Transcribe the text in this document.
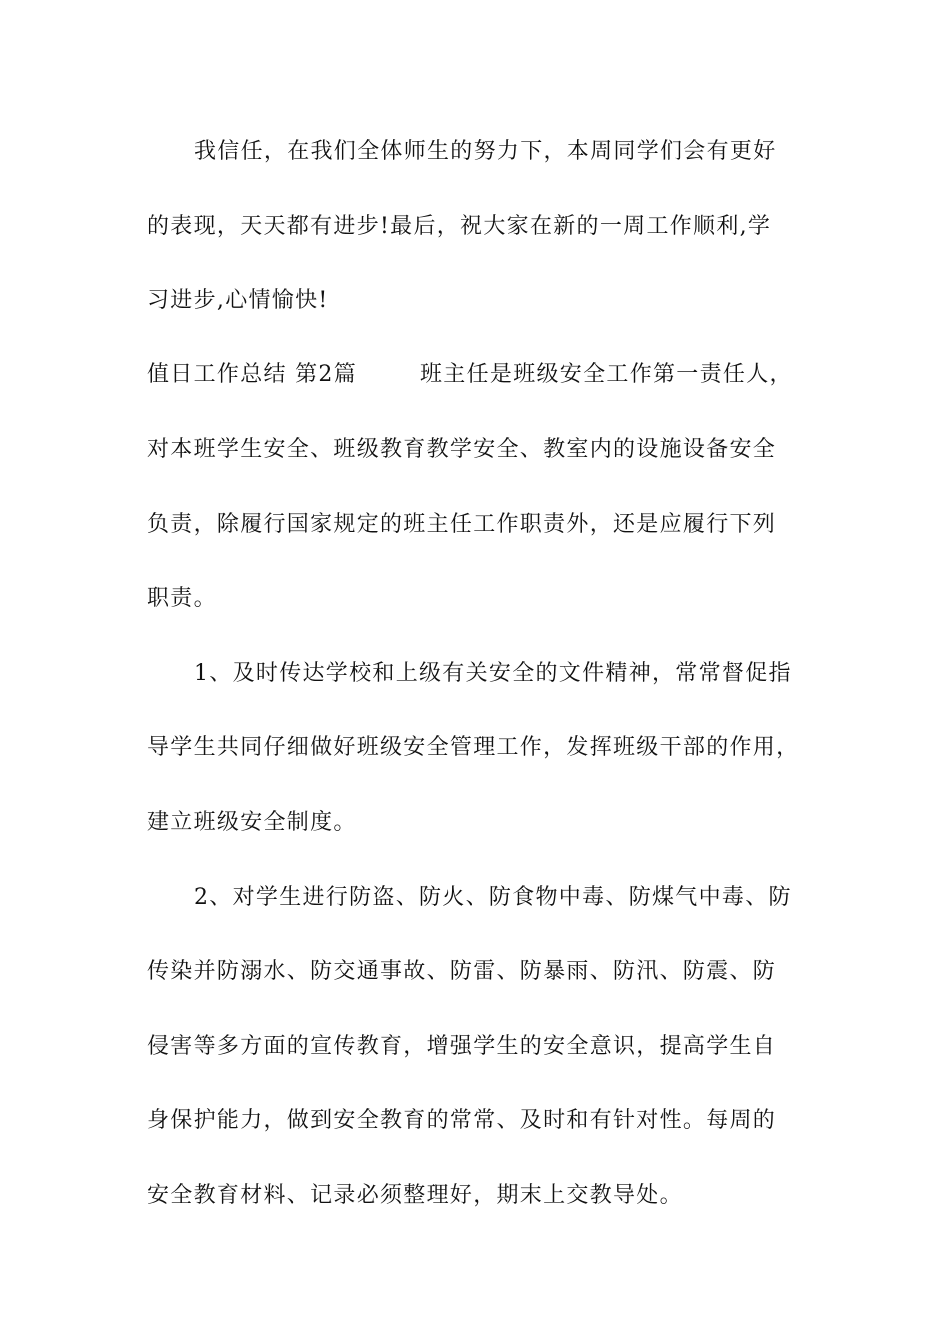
我信任，在我们全体师生的努力下，本周同学们会有更好
的表现，天天都有进步!最后，祝大家在新的一周工作顺利,学
习进步,心情愉快!
值日工作总结 第2篇	班主任是班级安全工作第一责任人，
对本班学生安全、班级教育教学安全、教室内的设施设备安全
负责，除履行国家规定的班主任工作职责外，还是应履行下列
职责。
1、及时传达学校和上级有关安全的文件精神，常常督促指
导学生共同仔细做好班级安全管理工作，发挥班级干部的作用，
建立班级安全制度。
2、对学生进行防盗、防火、防食物中毒、防煤气中毒、防
传染并防溺水、防交通事故、防雷、防暴雨、防汛、防震、防
侵害等多方面的宣传教育，增强学生的安全意识，提高学生自
身保护能力，做到安全教育的常常、及时和有针对性。每周的
安全教育材料、记录必须整理好，期末上交教导处。
